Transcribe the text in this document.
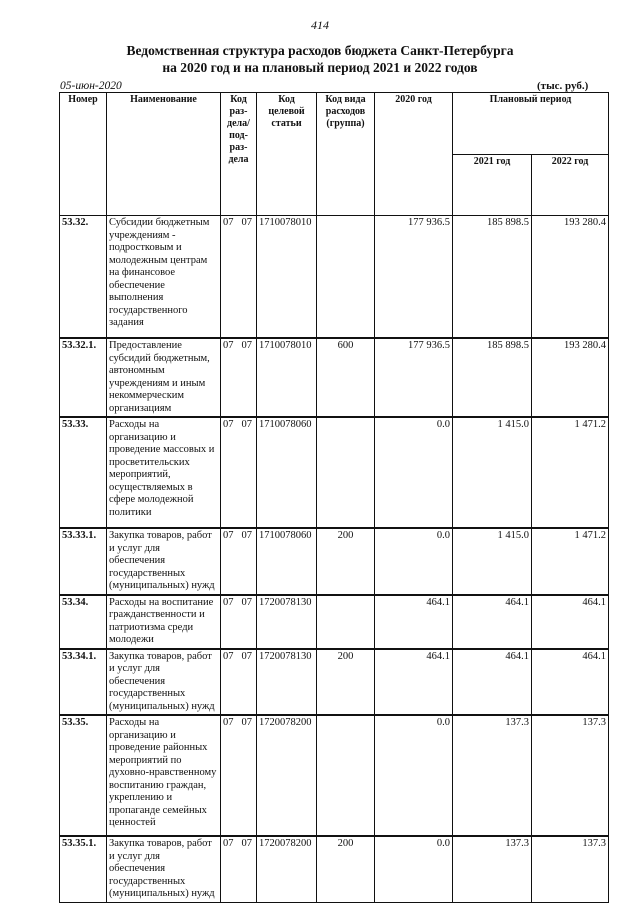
414
Ведомственная структура расходов бюджета Санкт-Петербурга
на 2020 год и на плановый период 2021 и 2022 годов
05-июн-2020	(тыс. руб.)
Номер	Наименование	Код раз-дела/ под-раз-дела	Код целевой статьи	Код вида расходов (группа)	2020 год	Плановый период	
						2021 год	2022 год
53.32.	Субсидии бюджетным учреждениям - подростковым и молодежным центрам на финансовое обеспечение выполнения государственного задания	07 07	1710078010		177 936.5	185 898.5	193 280.4

53.32.1.	Предоставление субсидий бюджетным, автономным учреждениям и иным некоммерческим организациям	07 07	1710078010	600	177 936.5	185 898.5	193 280.4

53.33.	Расходы на организацию и проведение массовых и просветительских мероприятий, осуществляемых в сфере молодежной политики	07 07	1710078060		0.0	1 415.0	1 471.2

53.33.1.	Закупка товаров, работ и услуг для обеспечения государственных (муниципальных) нужд	07 07	1710078060	200	0.0	1 415.0	1 471.2

53.34.	Расходы на воспитание гражданственности и патриотизма среди молодежи	07 07	1720078130		464.1	464.1	464.1

53.34.1.	Закупка товаров, работ и услуг для обеспечения государственных (муниципальных) нужд	07 07	1720078130	200	464.1	464.1	464.1

53.35.	Расходы на организацию и проведение районных мероприятий по духовно-нравственному воспитанию граждан, укреплению и пропаганде семейных ценностей	07 07	1720078200		0.0	137.3	137.3

53.35.1.	Закупка товаров, работ и услуг для обеспечения государственных (муниципальных) нужд	07 07	1720078200	200	0.0	137.3	137.3
